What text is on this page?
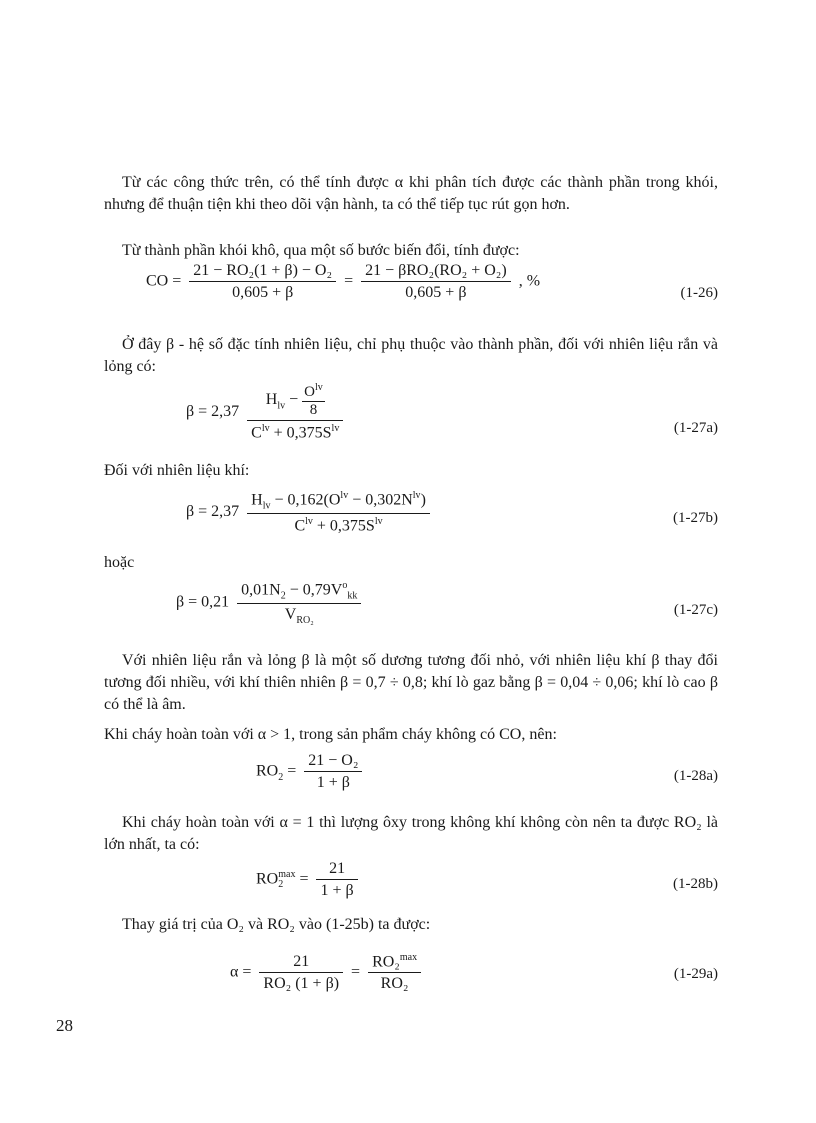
Từ các công thức trên, có thể tính được α khi phân tích được các thành phần trong khói, nhưng để thuận tiện khi theo dõi vận hành, ta có thể tiếp tục rút gọn hơn.
Từ thành phần khói khô, qua một số bước biến đổi, tính được:
CO = $\frac{\text{21 − RO₂(1 + β) − O₂}}{0,605 + \beta} = \frac{\text{21 − βRO₂(RO₂ + O₂)}}{0,605 + \beta}$ , %
(1-26)
Ở đây β - hệ số đặc tính nhiên liệu, chỉ phụ thuộc vào thành phần, đối với nhiên liệu rắn và lỏng có:
$\beta = 2,37 \frac{H_{lv} - \frac{O^{lv}}{8}}{C^{lv} + 0,375S^{lv}}$	(1-27a)
Đối với nhiên liệu khí:
$\beta = 2,37 \frac{H_{lv} - 0,162(O^{lv} - 0,302N^{lv})}{C^{lv} + 0,375S^{lv}}$	(1-27b)
hoặc
$\beta = 0,21 \frac{0,01N_2 - 0,79V^o_{kk}}{V_{RO_2}}$	(1-27c)
Với nhiên liệu rắn và lỏng β là một số dương tương đối nhỏ, với nhiên liệu khí β thay đổi tương đối nhiều, với khí thiên nhiên β = 0,7 ÷ 0,8; khí lò gaz bằng β = 0,04 ÷ 0,06; khí lò cao β có thể là âm.
Khi cháy hoàn toàn với α > 1, trong sản phẩm cháy không có CO, nên:
$RO_2 = \frac{\text{21 − O₂}}{1 + \beta}$	(1-28a)
Khi cháy hoàn toàn với α = 1 thì lượng ôxy trong không khí không còn nên ta được RO₂ là lớn nhất, ta có:
RO max
$2 = \frac{21}{1 + \beta}$	(1-28b)
Thay giá trị của O₂ và RO₂ vào (1-25b) ta được:
$\alpha = \frac{21}{\text{RO₂ (1 + β)}} = \frac{RO_2^{max}}{\text{RO₂}}$	(1-29a)
28
